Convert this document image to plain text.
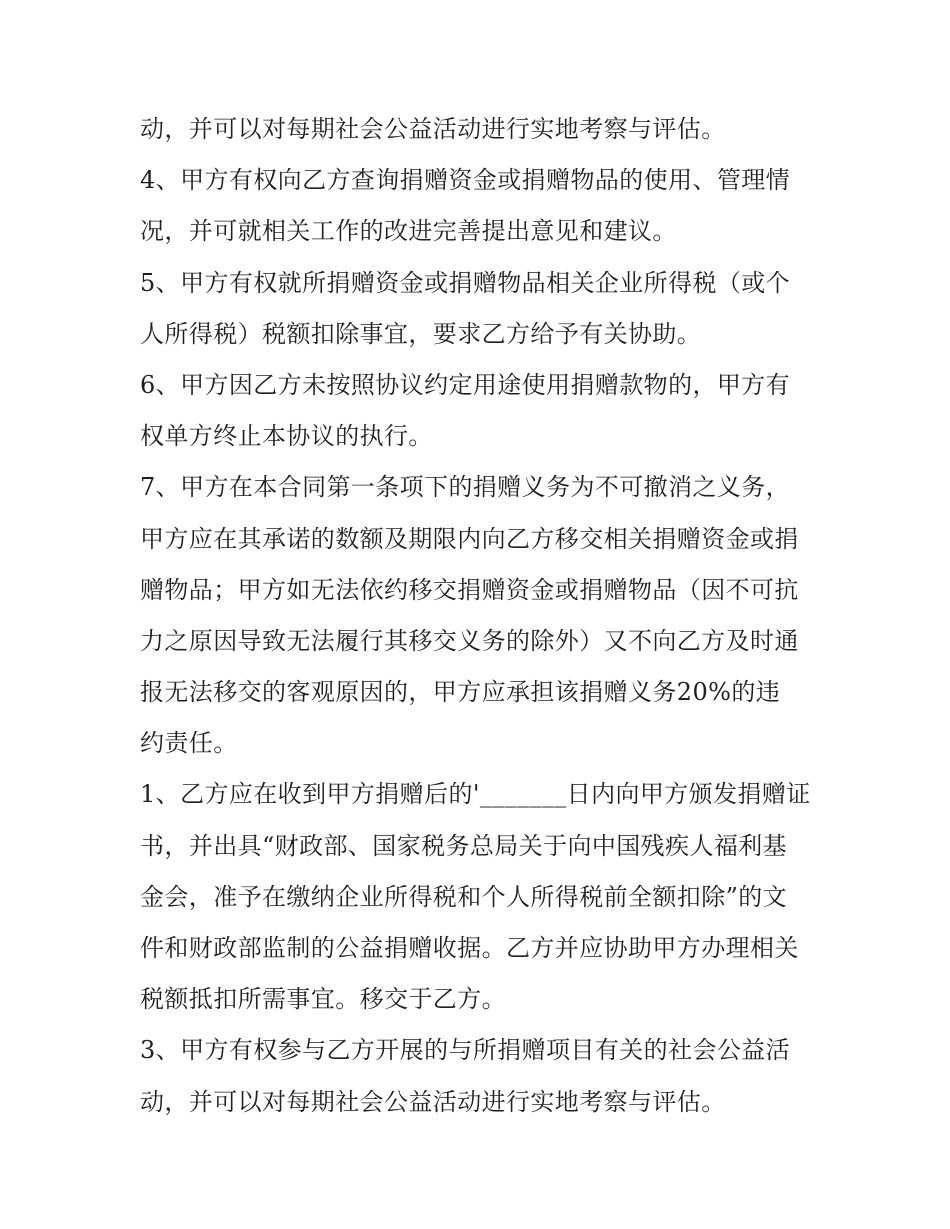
动，并可以对每期社会公益活动进行实地考察与评估。
4、甲方有权向乙方查询捐赠资金或捐赠物品的使用、管理情
况，并可就相关工作的改进完善提出意见和建议。
5、甲方有权就所捐赠资金或捐赠物品相关企业所得税（或个
人所得税）税额扣除事宜，要求乙方给予有关协助。
6、甲方因乙方未按照协议约定用途使用捐赠款物的，甲方有
权单方终止本协议的执行。
7、甲方在本合同第一条项下的捐赠义务为不可撤消之义务，
甲方应在其承诺的数额及期限内向乙方移交相关捐赠资金或捐
赠物品；甲方如无法依约移交捐赠资金或捐赠物品（因不可抗
力之原因导致无法履行其移交义务的除外）又不向乙方及时通
报无法移交的客观原因的，甲方应承担该捐赠义务20%的违
约责任。
1、乙方应在收到甲方捐赠后的'_______日内向甲方颁发捐赠证
书，并出具“财政部、国家税务总局关于向中国残疾人福利基
金会，准予在缴纳企业所得税和个人所得税前全额扣除”的文
件和财政部监制的公益捐赠收据。乙方并应协助甲方办理相关
税额抵扣所需事宜。移交于乙方。
3、甲方有权参与乙方开展的与所捐赠项目有关的社会公益活
动，并可以对每期社会公益活动进行实地考察与评估。
